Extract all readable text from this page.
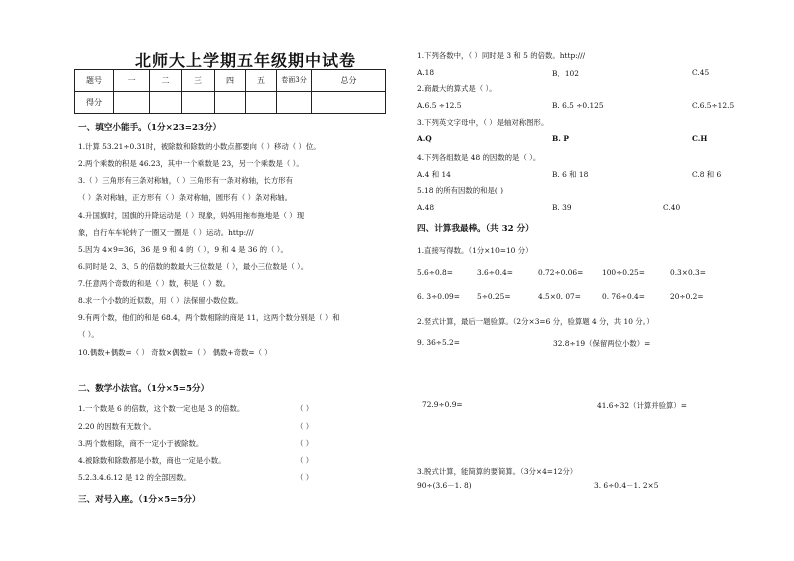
北师大上学期五年级期中试卷
题号	一	二	三	四	五	卷面3分	总分
得分							
一、填空小能手。（1分×23=23分）
1.计算 53.21÷0.31时，被除数和除数的小数点都要向（ ）移动（ ）位。
2.两个乘数的积是 46.23，其中一个乘数是 23，另一个乘数是（ ）。
3.（ ）三角形有三条对称轴，（ ）三角形有一条对称轴，长方形有
（ ）条对称轴，正方形有（ ）条对称轴，圆形有（ ）条对称轴。
4.升国旗时，国旗的升降运动是（ ）现象，妈妈用拖布拖地是（ ）现
象，自行车车轮转了一圈又一圈是（ ）运动。http:///
5.因为 4×9=36，36 是 9 和 4 的（ ），9 和 4 是 36 的（ ）。
6.同时是 2、3、5 的倍数的数最大三位数是（ ），最小三位数是（ ）。
7.任意两个奇数的和是（ ）数，积是（ ）数。
8.求一个小数的近似数，用（ ）法保留小数位数。
9.有两个数，他们的和是 68.4，两个数相除的商是 11，这两个数分别是（ ）和
（ ）。
10.偶数+偶数=（ ） 奇数×偶数=（ ） 偶数+奇数=（ ）
二、数学小法官。（1分×5=5分）
1.一个数是 6 的倍数，这个数一定也是 3 的倍数。	（ ）
2.20 的因数有无数个。	（ ）
3.两个数相除，商不一定小于被除数。	（ ）
4.被除数和除数都是小数，商也一定是小数。	（ ）
5.2.3.4.6.12 是 12 的全部因数。	（ ）
三、对号入座。（1分×5=5分）
1.下列各数中，（ ）同时是 3 和 5 的倍数。http:///
A.18	B．102	C.45
2.商最大的算式是（ ）。
A.6.5 ÷12.5	B. 6.5 ÷0.125	C.6.5÷12.5
3.下列英文字母中，（ ）是轴对称图形。
A.Q	B. P	C.H
4.下列各组数是 48 的因数的是（ ）。
A.4 和 14	B. 6 和 18	C.8 和 6
5.18 的所有因数的和是( )
A.48	B. 39	C.40
四、计算我最棒。（共 32 分）
1.直接写得数。（1分×10=10 分）
5.6÷0.8=	3.6÷0.4=	0.72÷0.06=	100÷0.25=	0.3×0.3=
6. 3÷0.09= 5÷0.25=	4.5×0. 07=	0. 76÷0.4=	20÷0.2=
2.竖式计算，最后一题验算。（2分×3=6 分，验算题 4 分，共 10 分。）
9. 36÷5.2=	32.8÷19（保留两位小数）=
72.9÷0.9=	41.6÷32（计算并验算）=
3.脱式计算，能简算的要简算。（3分×4=12分）
90÷(3.6－1. 8)	3. 6÷0.4－1. 2×5
